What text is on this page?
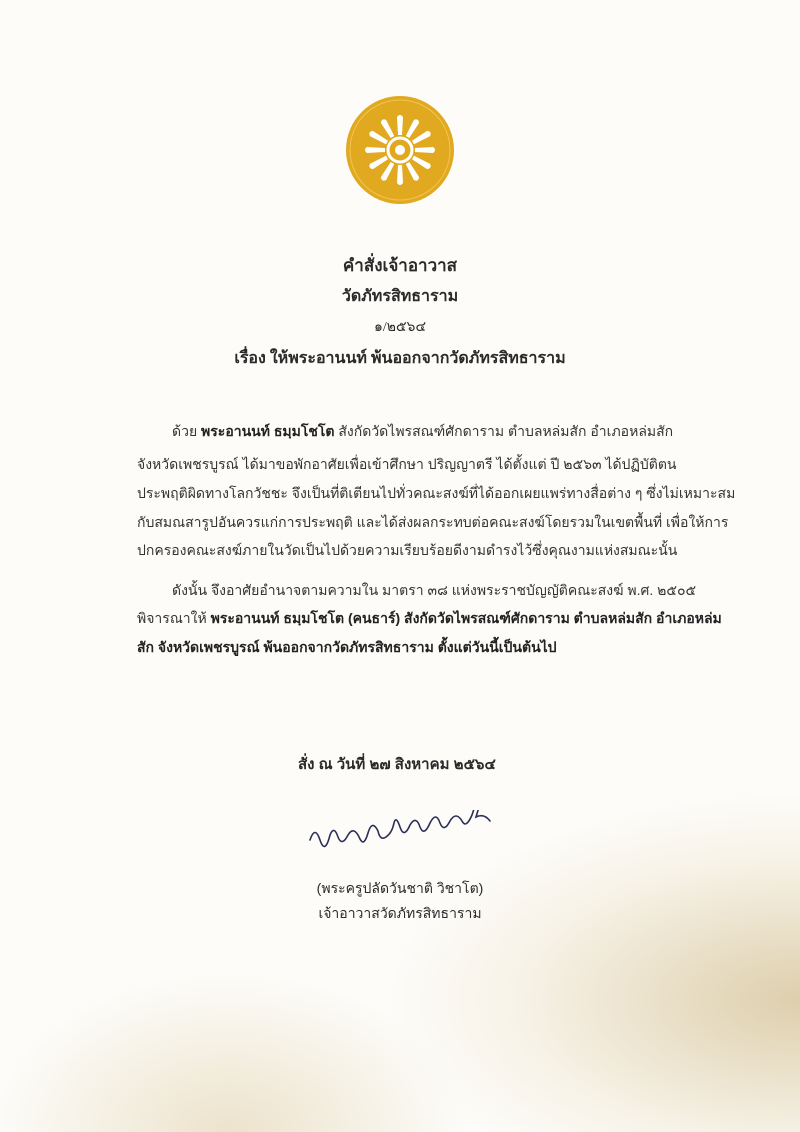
คำสั่งเจ้าอาวาส
วัดภัทรสิทธาราม
๑/๒๕๖๔
เรื่อง ให้พระอานนท์ พ้นออกจากวัดภัทรสิทธาราม
ด้วย พระอานนท์ ธมฺมโชโต สังกัดวัดไพรสณฑ์ศักดาราม ตำบลหล่มสัก อำเภอหล่มสัก
จังหวัดเพชรบูรณ์ ได้มาขอพักอาศัยเพื่อเข้าศึกษา ปริญญาตรี ได้ตั้งแต่ ปี ๒๕๖๓ ได้ปฏิบัติตน
ประพฤติผิดทางโลกวัชชะ จึงเป็นที่ติเตียนไปทั่วคณะสงฆ์ที่ได้ออกเผยแพร่ทางสื่อต่าง ๆ ซึ่งไม่เหมาะสม
กับสมณสารูปอันควรแก่การประพฤติ และได้ส่งผลกระทบต่อคณะสงฆ์โดยรวมในเขตพื้นที่ เพื่อให้การ
ปกครองคณะสงฆ์ภายในวัดเป็นไปด้วยความเรียบร้อยดีงามดำรงไว้ซึ่งคุณงามแห่งสมณะนั้น
ดังนั้น จึงอาศัยอำนาจตามความใน มาตรา ๓๘ แห่งพระราชบัญญัติคณะสงฆ์ พ.ศ. ๒๕๐๕
พิจารณาให้ พระอานนท์ ธมฺมโชโต (คนธาร์) สังกัดวัดไพรสณฑ์ศักดาราม ตำบลหล่มสัก อำเภอหล่ม
สัก จังหวัดเพชรบูรณ์ พ้นออกจากวัดภัทรสิทธาราม ตั้งแต่วันนี้เป็นต้นไป
สั่ง ณ วันที่ ๒๗ สิงหาคม ๒๕๖๔
(พระครูปลัดวันชาติ วิชาโต)
เจ้าอาวาสวัดภัทรสิทธาราม
